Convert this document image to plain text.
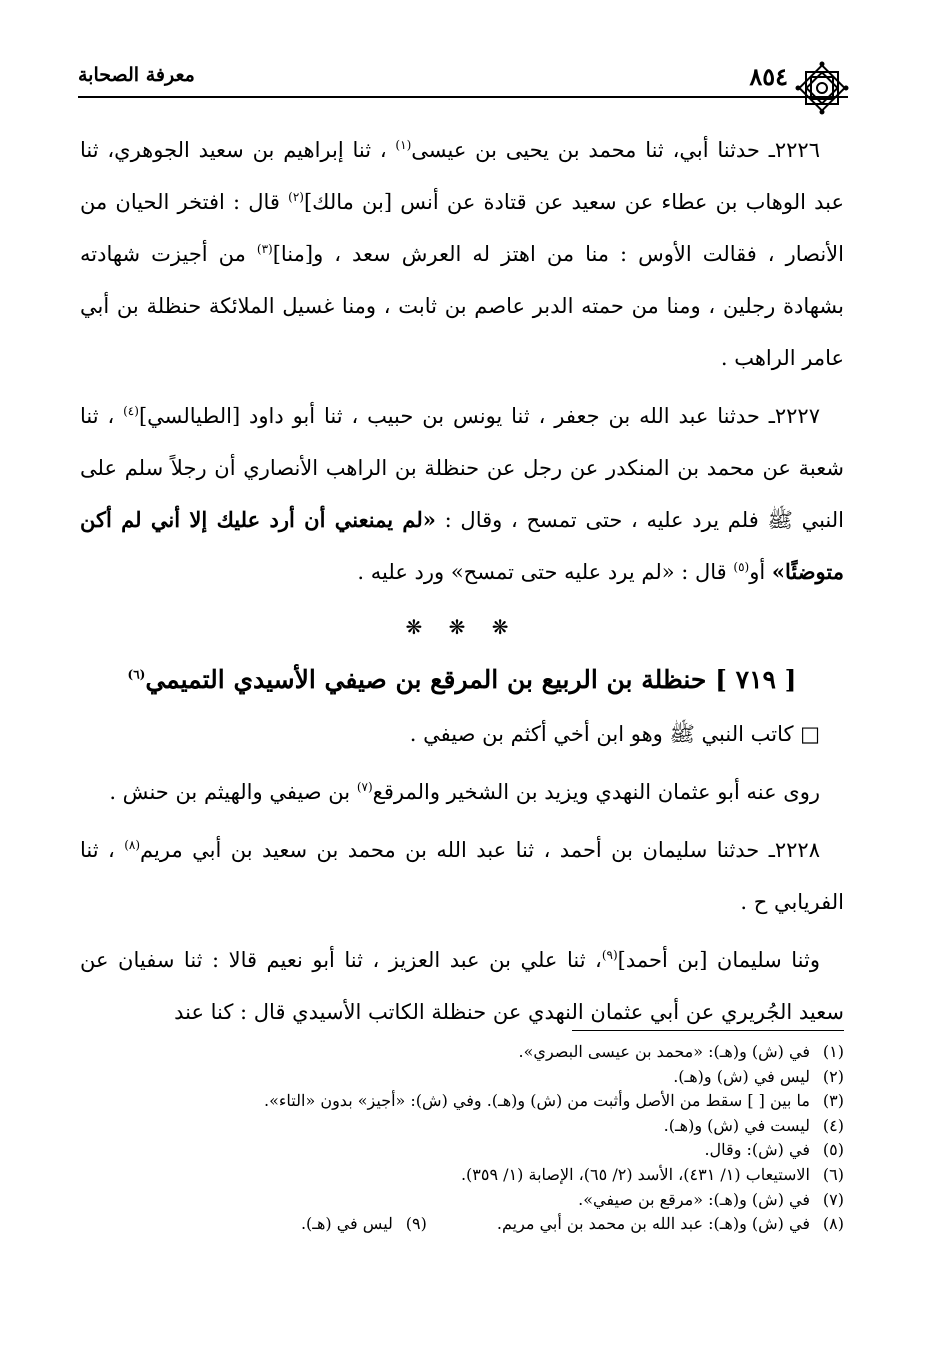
٨٥٤
معرفة الصحابة

٢٢٢٦ـ حدثنا أبي، ثنا محمد بن يحيى بن عيسى$^{(١)}$ ، ثنا إبراهيم بن سعيد الجوهري، ثنا عبد الوهاب بن عطاء عن سعيد عن قتادة عن أنس [بن مالك]$^{(٢)}$ قال : افتخر الحيان من الأنصار ، فقالت الأوس : منا من اهتز له العرش سعد ، و[منا]$^{(٣)}$ من أجيزت شهادته بشهادة رجلين ، ومنا من حمته الدبر عاصم بن ثابت ، ومنا غسيل الملائكة حنظلة بن أبي عامر الراهب .

٢٢٢٧ـ حدثنا عبد الله بن جعفر ، ثنا يونس بن حبيب ، ثنا أبو داود [الطيالسي]$^{(٤)}$ ، ثنا شعبة عن محمد بن المنكدر عن رجل عن حنظلة بن الراهب الأنصاري أن رجلاً سلم على النبي ﷺ فلم يرد عليه ، حتى تمسح ، وقال : «لم يمنعني أن أرد عليك إلا أني لم أكن متوضئًا» أو$^{(٥)}$ قال : «لم يرد عليه حتى تمسح» ورد عليه .

❋ ❋ ❋

[ ٧١٩ ] حنظلة بن الربيع بن المرقع بن صيفي الأسيدي التميمي$^{(٦)}$

□ كاتب النبي ﷺ وهو ابن أخي أكثم بن صيفي .

روى عنه أبو عثمان النهدي ويزيد بن الشخير والمرقع$^{(٧)}$ بن صيفي والهيثم بن حنش .

٢٢٢٨ـ حدثنا سليمان بن أحمد ، ثنا عبد الله بن محمد بن سعيد بن أبي مريم$^{(٨)}$ ، ثنا الفريابي ح .

وثنا سليمان [بن أحمد]$^{(٩)}$، ثنا علي بن عبد العزيز ، ثنا أبو نعيم قالا : ثنا سفيان عن سعيد الجُريري عن أبي عثمان النهدي عن حنظلة الكاتب الأسيدي قال : كنا عند

(١)في (ش) و(هـ): «محمد بن عيسى البصري».

(٢)ليس في (ش) و(هـ).

(٣)ما بين [ ] سقط من الأصل وأثبت من (ش) و(هـ). وفي (ش): «أجيز» بدون «التاء».

(٤)ليست في (ش) و(هـ).

(٥)في (ش): وقال.

(٦)الاستيعاب (١/ ٤٣١)، الأسد (٢/ ٦٥)، الإصابة (١/ ٣٥٩).

(٧)في (ش) و(هـ): «مرقع بن صيفي».

(٨)في (ش) و(هـ): عبد الله بن محمد بن أبي مريم.
(٩)ليس في (هـ).
